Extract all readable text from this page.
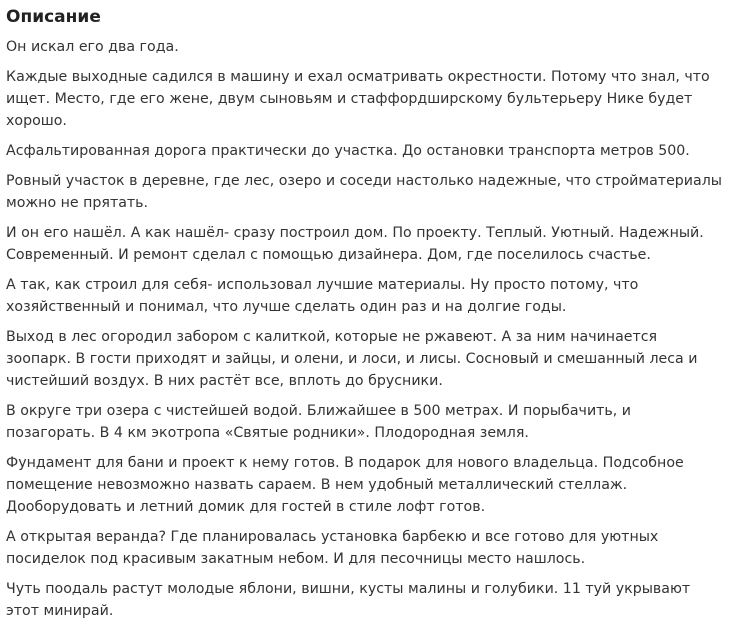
Описание

Он искал его два года.

Каждые выходные садился в машину и ехал осматривать окрестности. Потому что знал, что ищет. Место, где его жене, двум сыновьям и стаффордширскому бультерьеру Нике будет хорошо.

Асфальтированная дорога практически до участка. До остановки транспорта метров 500.

Ровный участок в деревне, где лес, озеро и соседи настолько надежные, что стройматериалы можно не прятать.

И он его нашёл. А как нашёл- сразу построил дом. По проекту. Теплый. Уютный. Надежный. Современный. И ремонт сделал с помощью дизайнера. Дом, где поселилось счастье.

А так, как строил для себя- использовал лучшие материалы. Ну просто потому, что хозяйственный и понимал, что лучше сделать один раз и на долгие годы.

Выход в лес огородил забором с калиткой, которые не ржавеют. А за ним начинается зоопарк. В гости приходят и зайцы, и олени, и лоси, и лисы. Сосновый и смешанный леса и чистейший воздух. В них растёт все, вплоть до брусники.

В округе три озера с чистейшей водой. Ближайшее в 500 метрах. И порыбачить, и позагорать. В 4 км экотропа «Святые родники». Плодородная земля.

Фундамент для бани и проект к нему готов. В подарок для нового владельца. Подсобное помещение невозможно назвать сараем. В нем удобный металлический стеллаж. Дооборудовать и летний домик для гостей в стиле лофт готов.

А открытая веранда? Где планировалась установка барбекю и все готово для уютных посиделок под красивым закатным небом. И для песочницы место нашлось.

Чуть поодаль растут молодые яблони, вишни, кусты малины и голубики. 11 туй укрывают этот минирай.
